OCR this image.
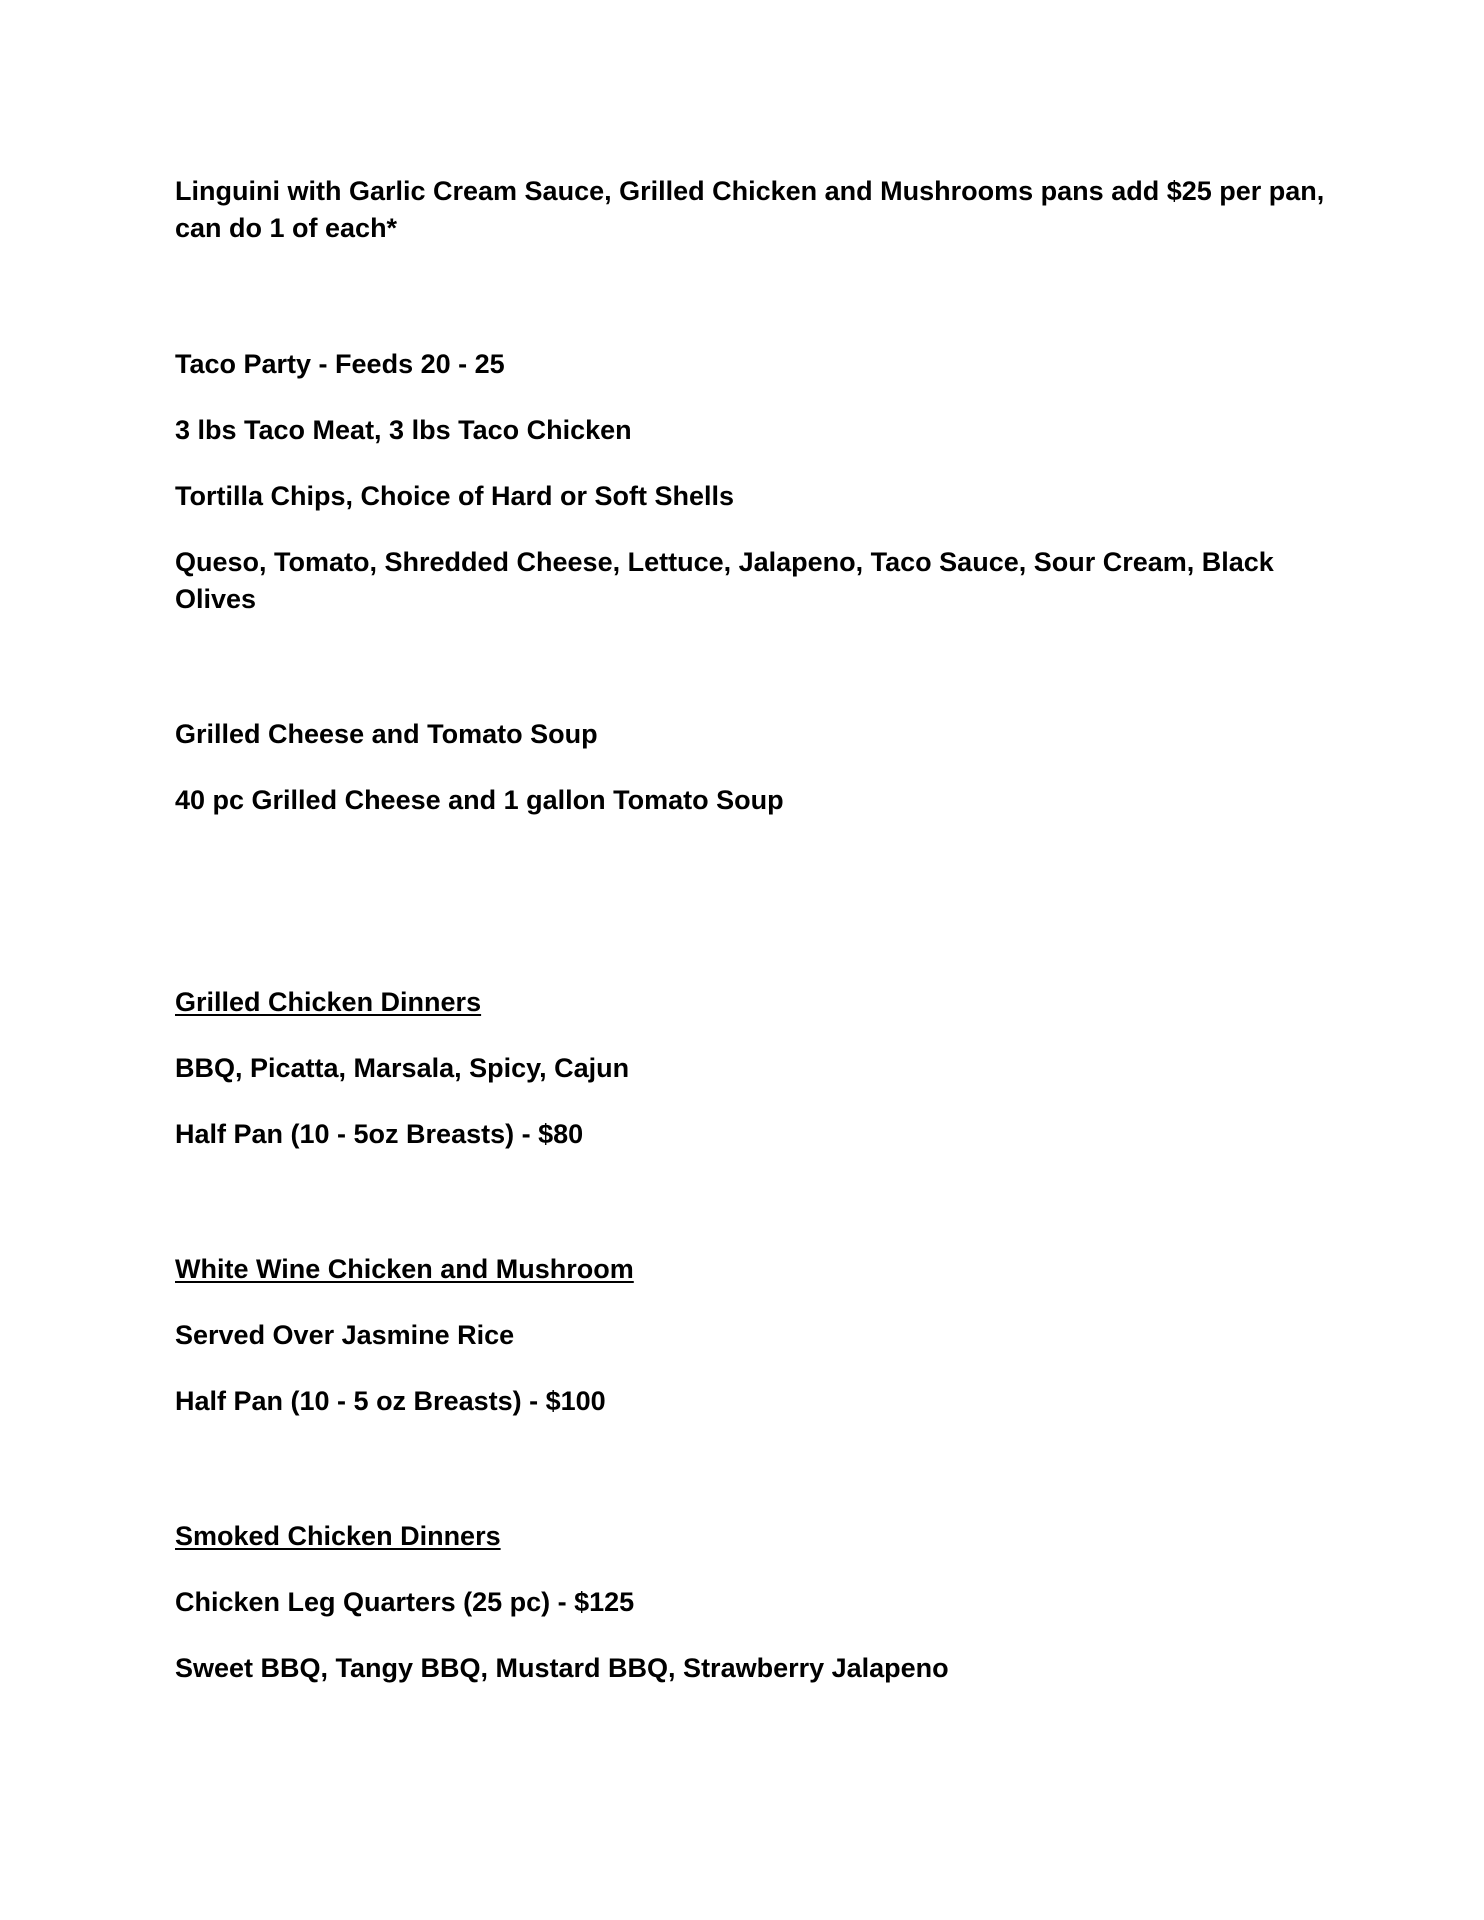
Linguini with Garlic Cream Sauce, Grilled Chicken and Mushrooms pans add $25 per pan, can do 1 of each*
Taco Party - Feeds 20 - 25
3 lbs Taco Meat, 3 lbs Taco Chicken
Tortilla Chips, Choice of Hard or Soft Shells
Queso, Tomato, Shredded Cheese, Lettuce, Jalapeno, Taco Sauce, Sour Cream, Black Olives
Grilled Cheese and Tomato Soup
40 pc Grilled Cheese and 1 gallon Tomato Soup
Grilled Chicken Dinners
BBQ, Picatta, Marsala, Spicy, Cajun
Half Pan (10 - 5oz Breasts) - $80
White Wine Chicken and Mushroom
Served Over Jasmine Rice
Half Pan (10 - 5 oz Breasts) - $100
Smoked Chicken Dinners
Chicken Leg Quarters (25 pc) - $125
Sweet BBQ, Tangy BBQ, Mustard BBQ, Strawberry Jalapeno
